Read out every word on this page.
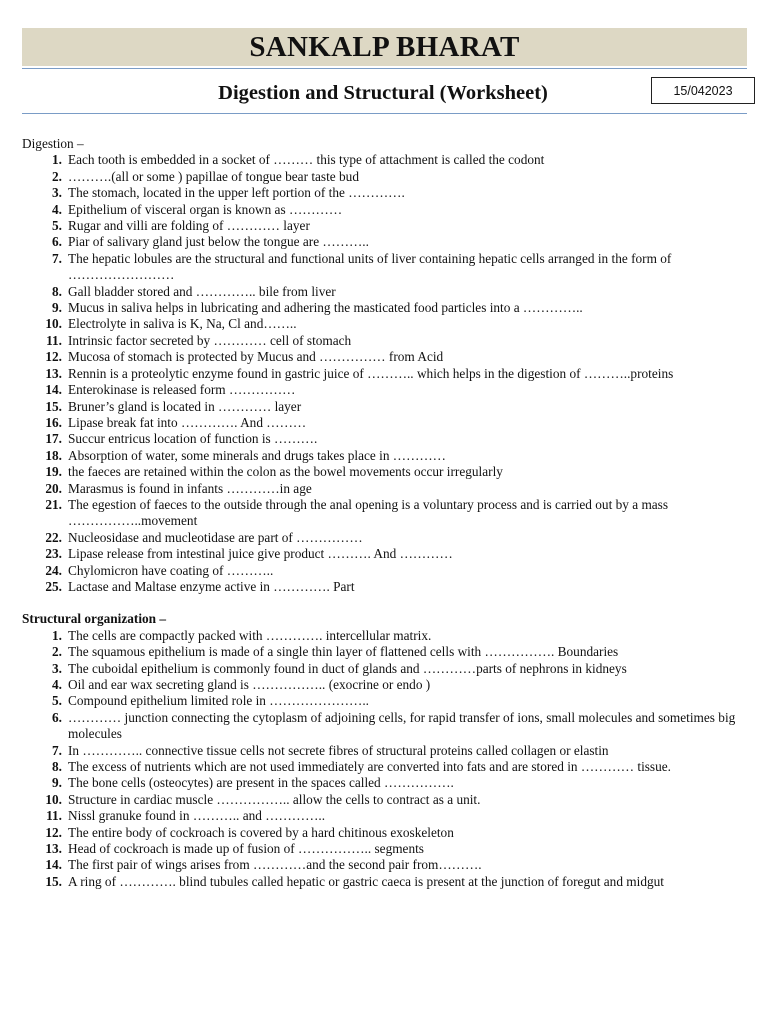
SANKALP BHARAT
Digestion and Structural (Worksheet)	15/042023
Digestion –
1. Each tooth is embedded in a socket of ……… this type of attachment is called the codont
2. ……….(all or some ) papillae of tongue bear taste bud
3. The stomach, located in the upper left portion of the ………….
4. Epithelium of visceral organ is known as …………
5. Rugar and villi are folding of ………… layer
6. Piar of salivary gland just below the tongue are ………..
7. The hepatic lobules are the structural and functional units of liver containing hepatic cells arranged in the form of ……………………
8. Gall bladder stored and ………….. bile from liver
9. Mucus in saliva helps in lubricating and adhering the masticated food particles into a …………..
10. Electrolyte in saliva is K, Na, Cl and……..
11. Intrinsic factor secreted by ………… cell of stomach
12. Mucosa of stomach is protected by Mucus and …………… from Acid
13. Rennin is a proteolytic enzyme found in gastric juice of ……….. which helps in the digestion of ………..proteins
14. Enterokinase is released form ……………
15. Bruner’s gland is located in ………… layer
16. Lipase break fat into …………. And ………
17. Succur entricus location of function is ……….
18. Absorption of water, some minerals and drugs takes place in …………
19. the faeces are retained within the colon as the bowel movements occur irregularly
20. Marasmus is found in infants …………in age
21. The egestion of faeces to the outside through the anal opening is a voluntary process and is carried out by a mass ……………..movement
22. Nucleosidase and mucleotidase are part of ……………
23. Lipase release from intestinal juice give product ………. And …………
24. Chylomicron have coating of ………..
25. Lactase and Maltase enzyme active in …………. Part
Structural organization –
1. The cells are compactly packed with …………. intercellular matrix.
2. The squamous epithelium is made of a single thin layer of flattened cells with ……………. Boundaries
3. The cuboidal epithelium is commonly found in duct of glands and …………parts of nephrons in kidneys
4. Oil and ear wax secreting gland is …………….. (exocrine or endo )
5. Compound epithelium limited role in …………………..
6. ………… junction connecting the cytoplasm of adjoining cells, for rapid transfer of ions, small molecules and sometimes big molecules
7. In ………….. connective tissue cells not secrete fibres of structural proteins called collagen or elastin
8. The excess of nutrients which are not used immediately are converted into fats and are stored in ………… tissue.
9. The bone cells (osteocytes) are present in the spaces called …………….
10. Structure in cardiac muscle …………….. allow the cells to contract as a unit.
11. Nissl granuke found in ……….. and …………..
12. The entire body of cockroach is covered by a hard chitinous exoskeleton
13. Head of cockroach is made up of fusion of …………….. segments
14. The first pair of wings arises from …………and the second pair from……….
15. A ring of …………. blind tubules called hepatic or gastric caeca is present at the junction of foregut and midgut
